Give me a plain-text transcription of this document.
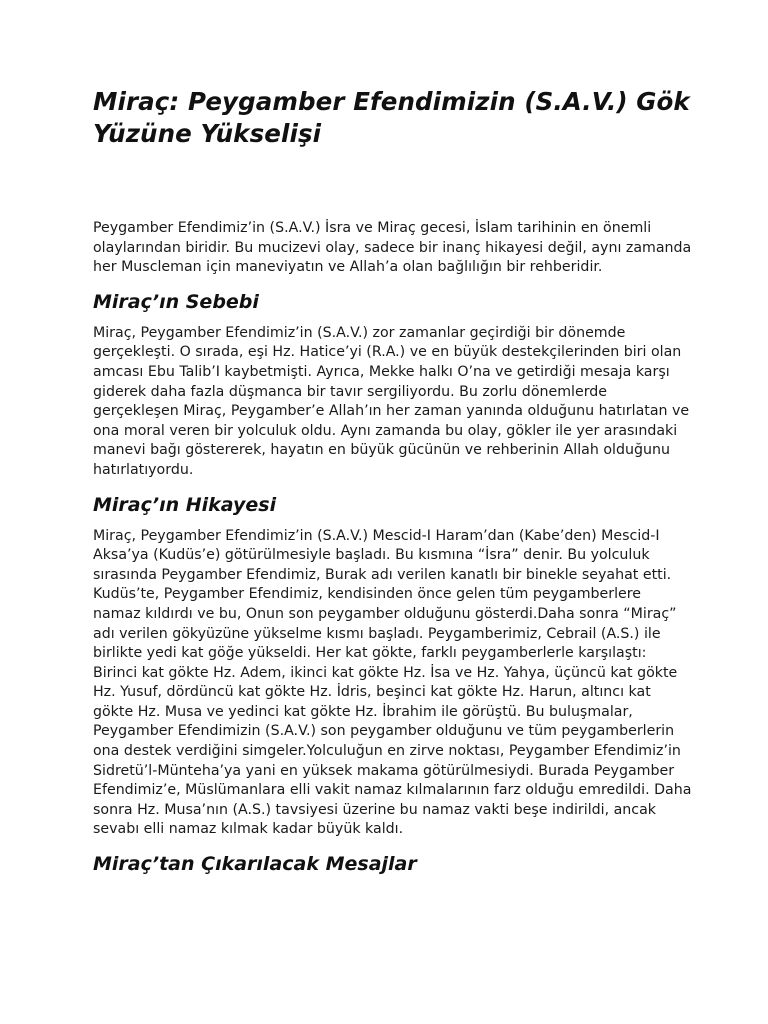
Miraç: Peygamber Efendimizin (S.A.V.) Gök Yüzüne Yükselişi

Peygamber Efendimiz’in (S.A.V.) İsra ve Miraç gecesi, İslam tarihinin en önemli olaylarından biridir. Bu mucizevi olay, sadece bir inanç hikayesi değil, aynı zamanda her Muscleman için maneviyatın ve Allah’a olan bağlılığın bir rehberidir.

Miraç’ın Sebebi

Miraç, Peygamber Efendimiz’in (S.A.V.) zor zamanlar geçirdiği bir dönemde gerçekleşti. O sırada, eşi Hz. Hatice’yi (R.A.) ve en büyük destekçilerinden biri olan amcası Ebu Talib’I kaybetmişti. Ayrıca, Mekke halkı O’na ve getirdiği mesaja karşı giderek daha fazla düşmanca bir tavır sergiliyordu. Bu zorlu dönemlerde gerçekleşen Miraç, Peygamber’e Allah’ın her zaman yanında olduğunu hatırlatan ve ona moral veren bir yolculuk oldu. Aynı zamanda bu olay, gökler ile yer arasındaki manevi bağı göstererek, hayatın en büyük gücünün ve rehberinin Allah olduğunu hatırlatıyordu.

Miraç’ın Hikayesi

Miraç, Peygamber Efendimiz’in (S.A.V.) Mescid-I Haram’dan (Kabe’den) Mescid-I Aksa’ya (Kudüs’e) götürülmesiyle başladı. Bu kısmına “İsra” denir. Bu yolculuk sırasında Peygamber Efendimiz, Burak adı verilen kanatlı bir binekle seyahat etti. Kudüs’te, Peygamber Efendimiz, kendisinden önce gelen tüm peygamberlere namaz kıldırdı ve bu, Onun son peygamber olduğunu gösterdi.Daha sonra “Miraç” adı verilen gökyüzüne yükselme kısmı başladı. Peygamberimiz, Cebrail (A.S.) ile birlikte yedi kat göğe yükseldi. Her kat gökte, farklı peygamberlerle karşılaştı: Birinci kat gökte Hz. Adem, ikinci kat gökte Hz. İsa ve Hz. Yahya, üçüncü kat gökte Hz. Yusuf, dördüncü kat gökte Hz. İdris, beşinci kat gökte Hz. Harun, altıncı kat gökte Hz. Musa ve yedinci kat gökte Hz. İbrahim ile görüştü. Bu buluşmalar, Peygamber Efendimizin (S.A.V.) son peygamber olduğunu ve tüm peygamberlerin ona destek verdiğini simgeler.Yolculuğun en zirve noktası, Peygamber Efendimiz’in Sidretü’l-Münteha’ya yani en yüksek makama götürülmesiydi. Burada Peygamber Efendimiz’e, Müslümanlara elli vakit namaz kılmalarının farz olduğu emredildi. Daha sonra Hz. Musa’nın (A.S.) tavsiyesi üzerine bu namaz vakti beşe indirildi, ancak sevabı elli namaz kılmak kadar büyük kaldı.

Miraç’tan Çıkarılacak Mesajlar
